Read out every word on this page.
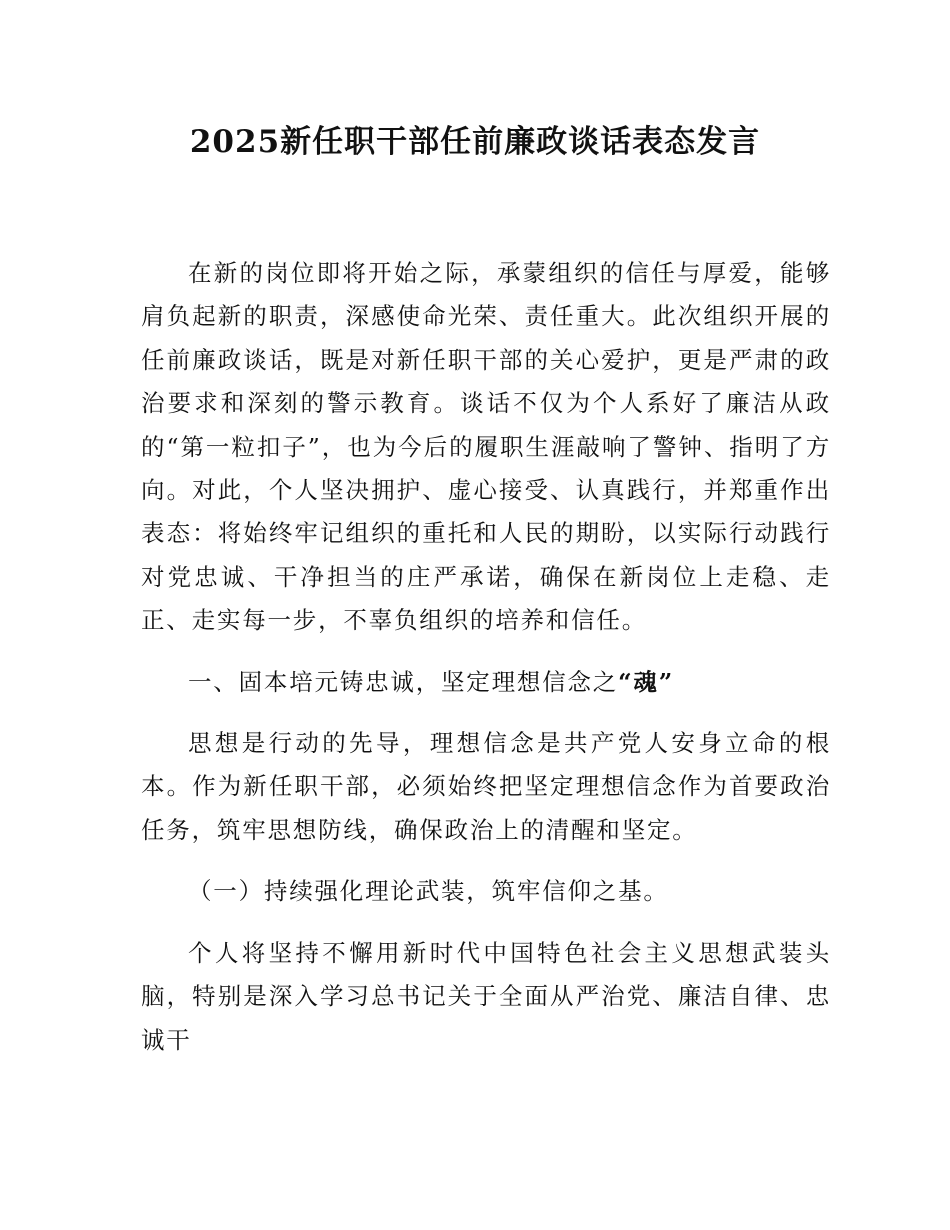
2025新任职干部任前廉政谈话表态发言

在新的岗位即将开始之际，承蒙组织的信任与厚爱，能够肩负起新的职责，深感使命光荣、责任重大。此次组织开展的任前廉政谈话，既是对新任职干部的关心爱护，更是严肃的政治要求和深刻的警示教育。谈话不仅为个人系好了廉洁从政的“第一粒扣子”，也为今后的履职生涯敲响了警钟、指明了方向。对此，个人坚决拥护、虚心接受、认真践行，并郑重作出表态：将始终牢记组织的重托和人民的期盼，以实际行动践行对党忠诚、干净担当的庄严承诺，确保在新岗位上走稳、走正、走实每一步，不辜负组织的培养和信任。

一、固本培元铸忠诚，坚定理想信念之“魂”

思想是行动的先导，理想信念是共产党人安身立命的根本。作为新任职干部，必须始终把坚定理想信念作为首要政治任务，筑牢思想防线，确保政治上的清醒和坚定。

（一）持续强化理论武装，筑牢信仰之基。

个人将坚持不懈用新时代中国特色社会主义思想武装头脑，特别是深入学习总书记关于全面从严治党、廉洁自律、忠诚干
